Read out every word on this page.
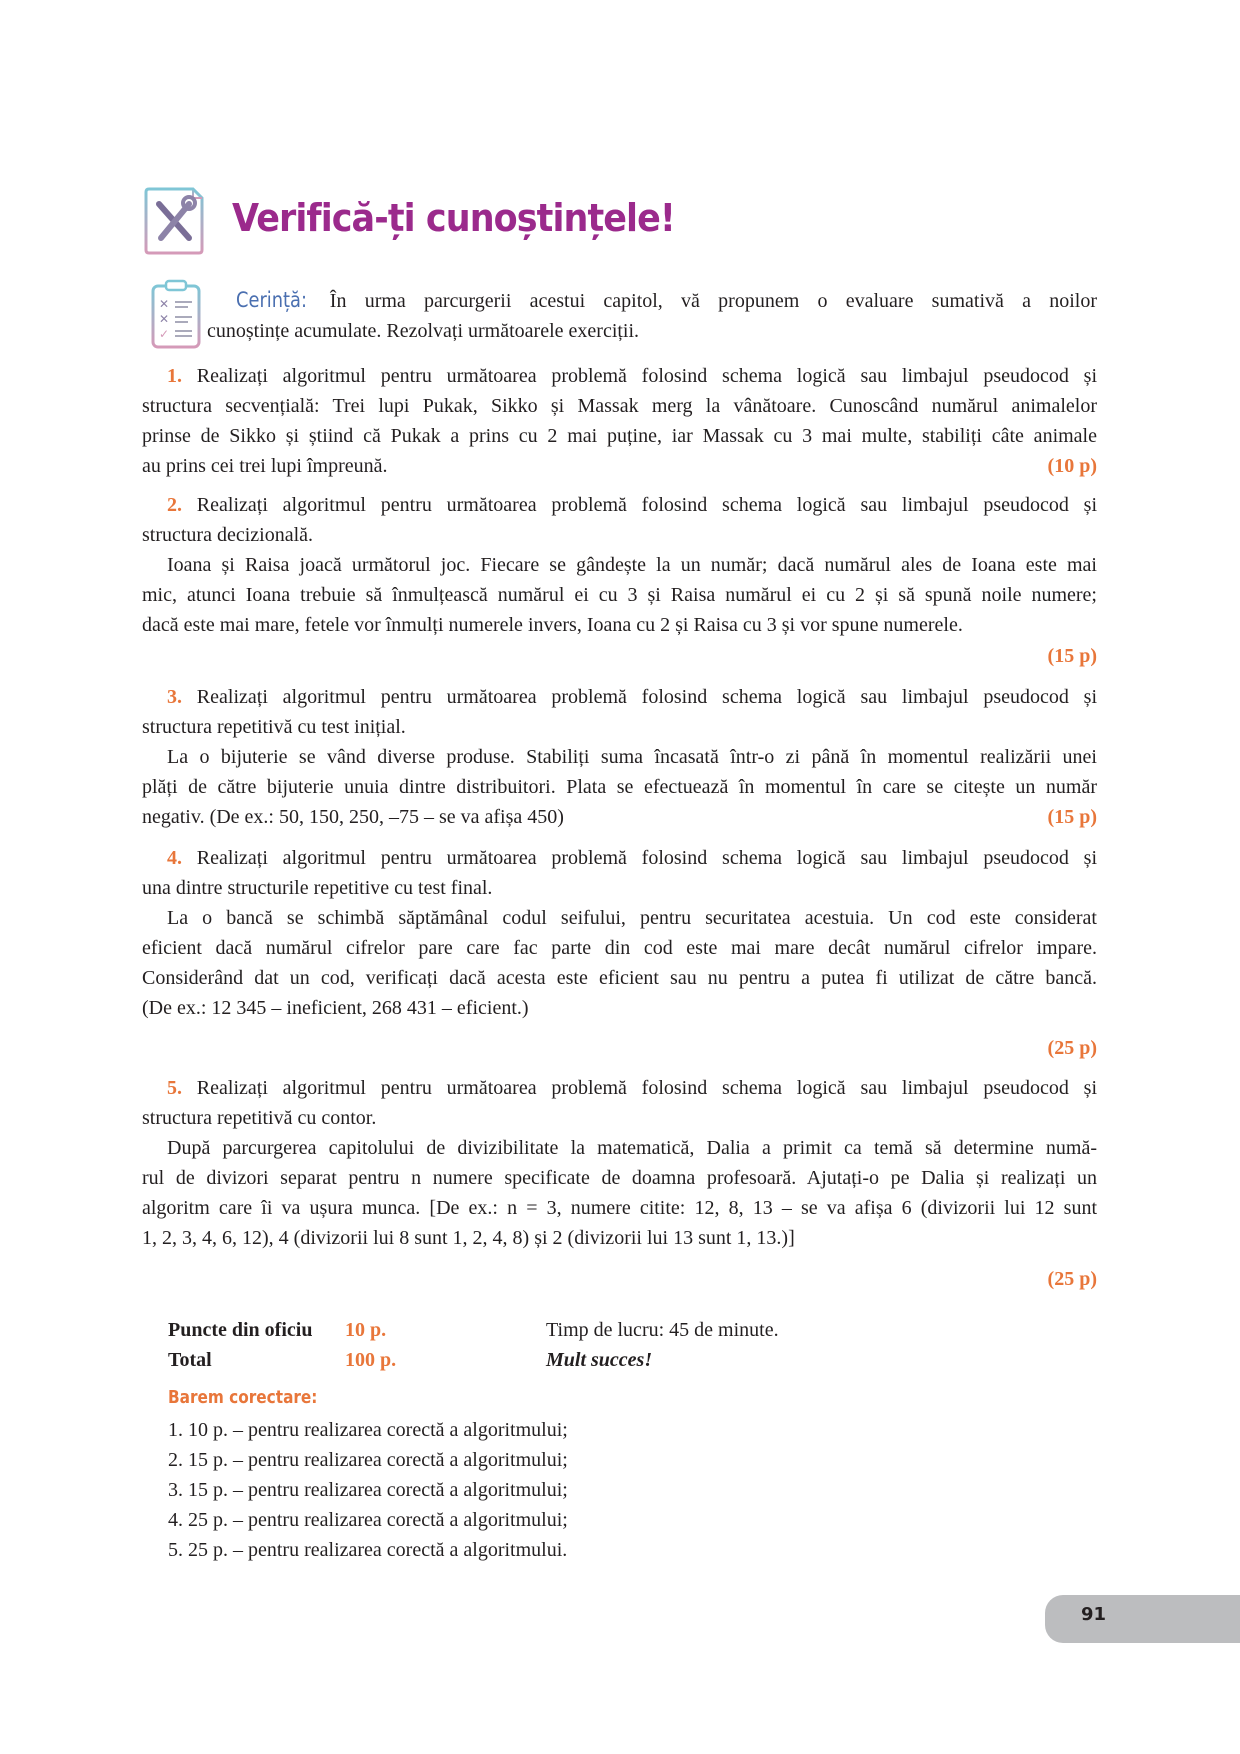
Verifică-ți cunoștințele!
✕
✕
✓
Cerință: În urma parcurgerii acestui capitol, vă propunem o evaluare sumativă a noilor
cunoștințe acumulate. Rezolvați următoarele exerciții.
1. Realizați algoritmul pentru următoarea problemă folosind schema logică sau limbajul pseudocod și
structura secvențială: Trei lupi Pukak, Sikko și Massak merg la vânătoare. Cunoscând numărul animalelor
prinse de Sikko și știind că Pukak a prins cu 2 mai puține, iar Massak cu 3 mai multe, stabiliți câte animale
au prins cei trei lupi împreună.	(10 p)
2. Realizați algoritmul pentru următoarea problemă folosind schema logică sau limbajul pseudocod și
structura decizională.
Ioana și Raisa joacă următorul joc. Fiecare se gândește la un număr; dacă numărul ales de Ioana este mai
mic, atunci Ioana trebuie să înmulțească numărul ei cu 3 și Raisa numărul ei cu 2 și să spună noile numere;
dacă este mai mare, fetele vor înmulți numerele invers, Ioana cu 2 și Raisa cu 3 și vor spune numerele.
(15 p)
3. Realizați algoritmul pentru următoarea problemă folosind schema logică sau limbajul pseudocod și
structura repetitivă cu test inițial.
La o bijuterie se vând diverse produse. Stabiliți suma încasată într-o zi până în momentul realizării unei
plăți de către bijuterie unuia dintre distribuitori. Plata se efectuează în momentul în care se citește un număr
negativ. (De ex.: 50, 150, 250, –75 – se va afișa 450)	(15 p)
4. Realizați algoritmul pentru următoarea problemă folosind schema logică sau limbajul pseudocod și
una dintre structurile repetitive cu test final.
La o bancă se schimbă săptămânal codul seifului, pentru securitatea acestuia. Un cod este considerat
eficient dacă numărul cifrelor pare care fac parte din cod este mai mare decât numărul cifrelor impare.
Considerând dat un cod, verificați dacă acesta este eficient sau nu pentru a putea fi utilizat de către bancă.
(De ex.: 12 345 – ineficient, 268 431 – eficient.)
(25 p)
5. Realizați algoritmul pentru următoarea problemă folosind schema logică sau limbajul pseudocod și
structura repetitivă cu contor.
După parcurgerea capitolului de divizibilitate la matematică, Dalia a primit ca temă să determine numă-
rul de divizori separat pentru n numere specificate de doamna profesoară. Ajutați-o pe Dalia și realizați un
algoritm care îi va ușura munca. [De ex.: n = 3, numere citite: 12, 8, 13 – se va afișa 6 (divizorii lui 12 sunt
1, 2, 3, 4, 6, 12), 4 (divizorii lui 8 sunt 1, 2, 4, 8) și 2 (divizorii lui 13 sunt 1, 13.)]
(25 p)
Puncte din oficiu 10 p.	Timp de lucru: 45 de minute.
Total	100 p.	Mult succes!
Barem corectare:
1. 10 p. – pentru realizarea corectă a algoritmului;
2. 15 p. – pentru realizarea corectă a algoritmului;
3. 15 p. – pentru realizarea corectă a algoritmului;
4. 25 p. – pentru realizarea corectă a algoritmului;
5. 25 p. – pentru realizarea corectă a algoritmului.
91
